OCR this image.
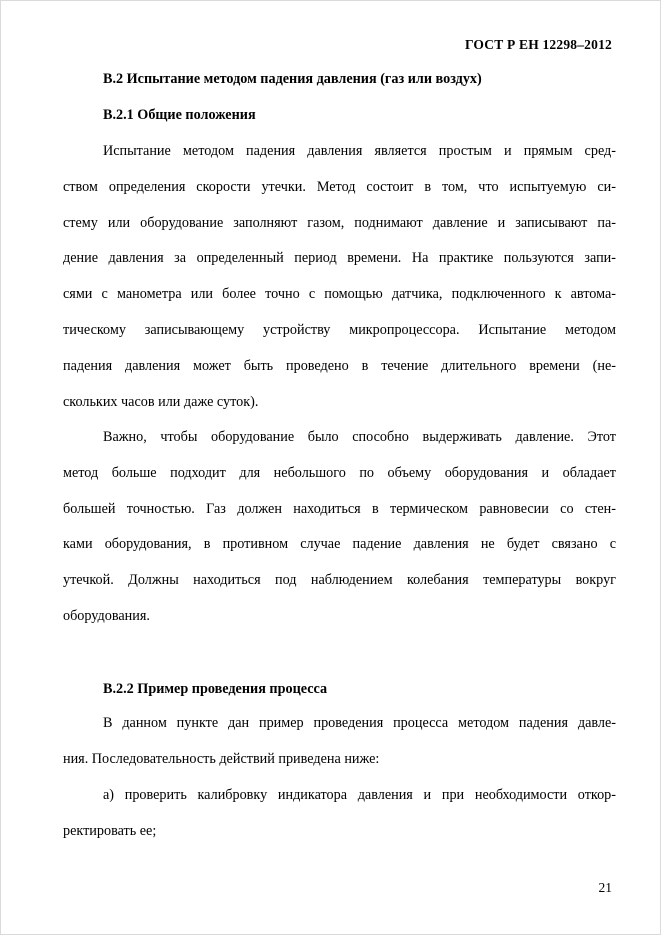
ГОСТ Р ЕН 12298–2012
В.2 Испытание методом падения давления (газ или воздух)
В.2.1 Общие положения
Испытание методом падения давления является простым и прямым сред-
ством определения скорости утечки. Метод состоит в том, что испытуемую си-
стему или оборудование заполняют газом, поднимают давление и записывают па-
дение давления за определенный период времени. На практике пользуются запи-
сями с манометра или более точно с помощью датчика, подключенного к автома-
тическому записывающему устройству микропроцессора. Испытание методом
падения давления может быть проведено в течение длительного времени (не-
скольких часов или даже суток).
Важно, чтобы оборудование было способно выдерживать давление. Этот
метод больше подходит для небольшого по объему оборудования и обладает
большей точностью. Газ должен находиться в термическом равновесии со стен-
ками оборудования, в противном случае падение давления не будет связано с
утечкой. Должны находиться под наблюдением колебания температуры вокруг
оборудования.
В.2.2 Пример проведения процесса
В данном пункте дан пример проведения процесса методом падения давле-
ния. Последовательность действий приведена ниже:
а) проверить калибровку индикатора давления и при необходимости откор-
ректировать ее;
21
